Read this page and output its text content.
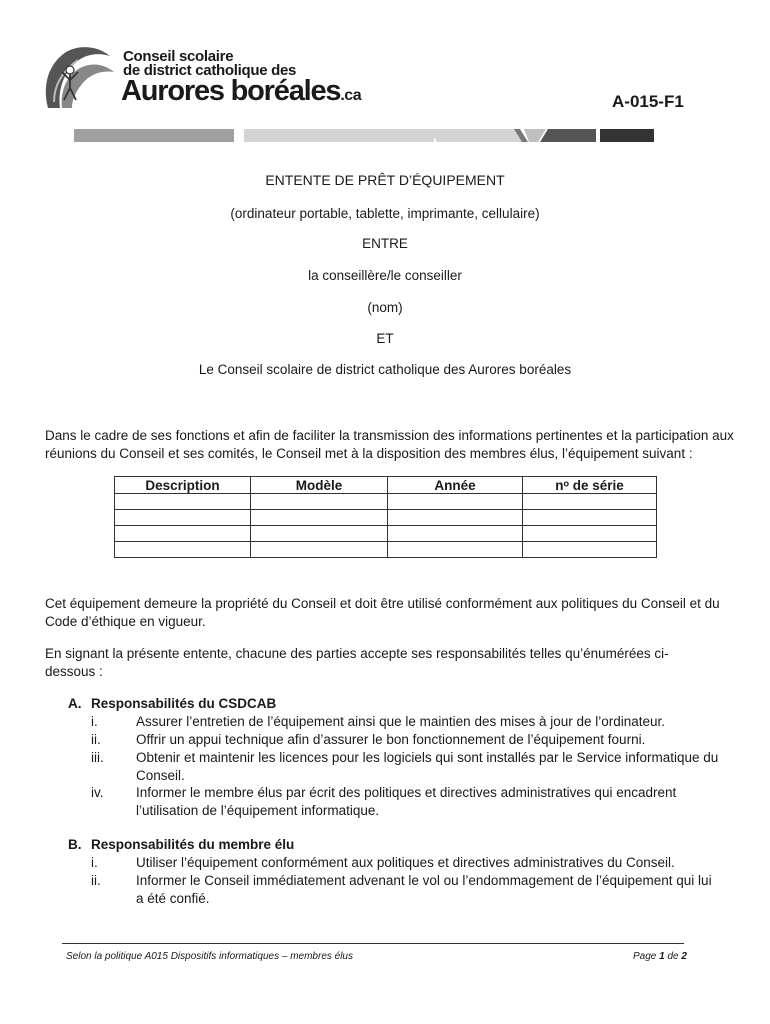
Conseil scolaire
de district catholique des
Aurores boréales.ca	A-015-F1
ENTENTE DE PRÊT D’ÉQUIPEMENT
(ordinateur portable, tablette, imprimante, cellulaire)
ENTRE
la conseillère/le conseiller
(nom)
ET
Le Conseil scolaire de district catholique des Aurores boréales
Dans le cadre de ses fonctions et afin de faciliter la transmission des informations pertinentes et la participation aux réunions du Conseil et ses comités, le Conseil met à la disposition des membres élus, l’équipement suivant :
Description	Modèle	Année	nᵒ de série

Cet équipement demeure la propriété du Conseil et doit être utilisé conformément aux politiques du Conseil et du Code d’éthique en vigueur.
En signant la présente entente, chacune des parties accepte ses responsabilités telles qu’énumérées ci-dessous :
A. Responsabilités du CSDCAB
i.	Assurer l’entretien de l’équipement ainsi que le maintien des mises à jour de l’ordinateur.
ii.	Offrir un appui technique afin d’assurer le bon fonctionnement de l’équipement fourni.
iii.	Obtenir et maintenir les licences pour les logiciels qui sont installés par le Service informatique du Conseil.
iv.	Informer le membre élus par écrit des politiques et directives administratives qui encadrent l’utilisation de l’équipement informatique.
B. Responsabilités du membre élu
i.	Utiliser l’équipement conformément aux politiques et directives administratives du Conseil.
ii.	Informer le Conseil immédiatement advenant le vol ou l’endommagement de l’équipement qui lui a été confié.
Selon la politique A015 Dispositifs informatiques – membres élus	Page 1 de 2
